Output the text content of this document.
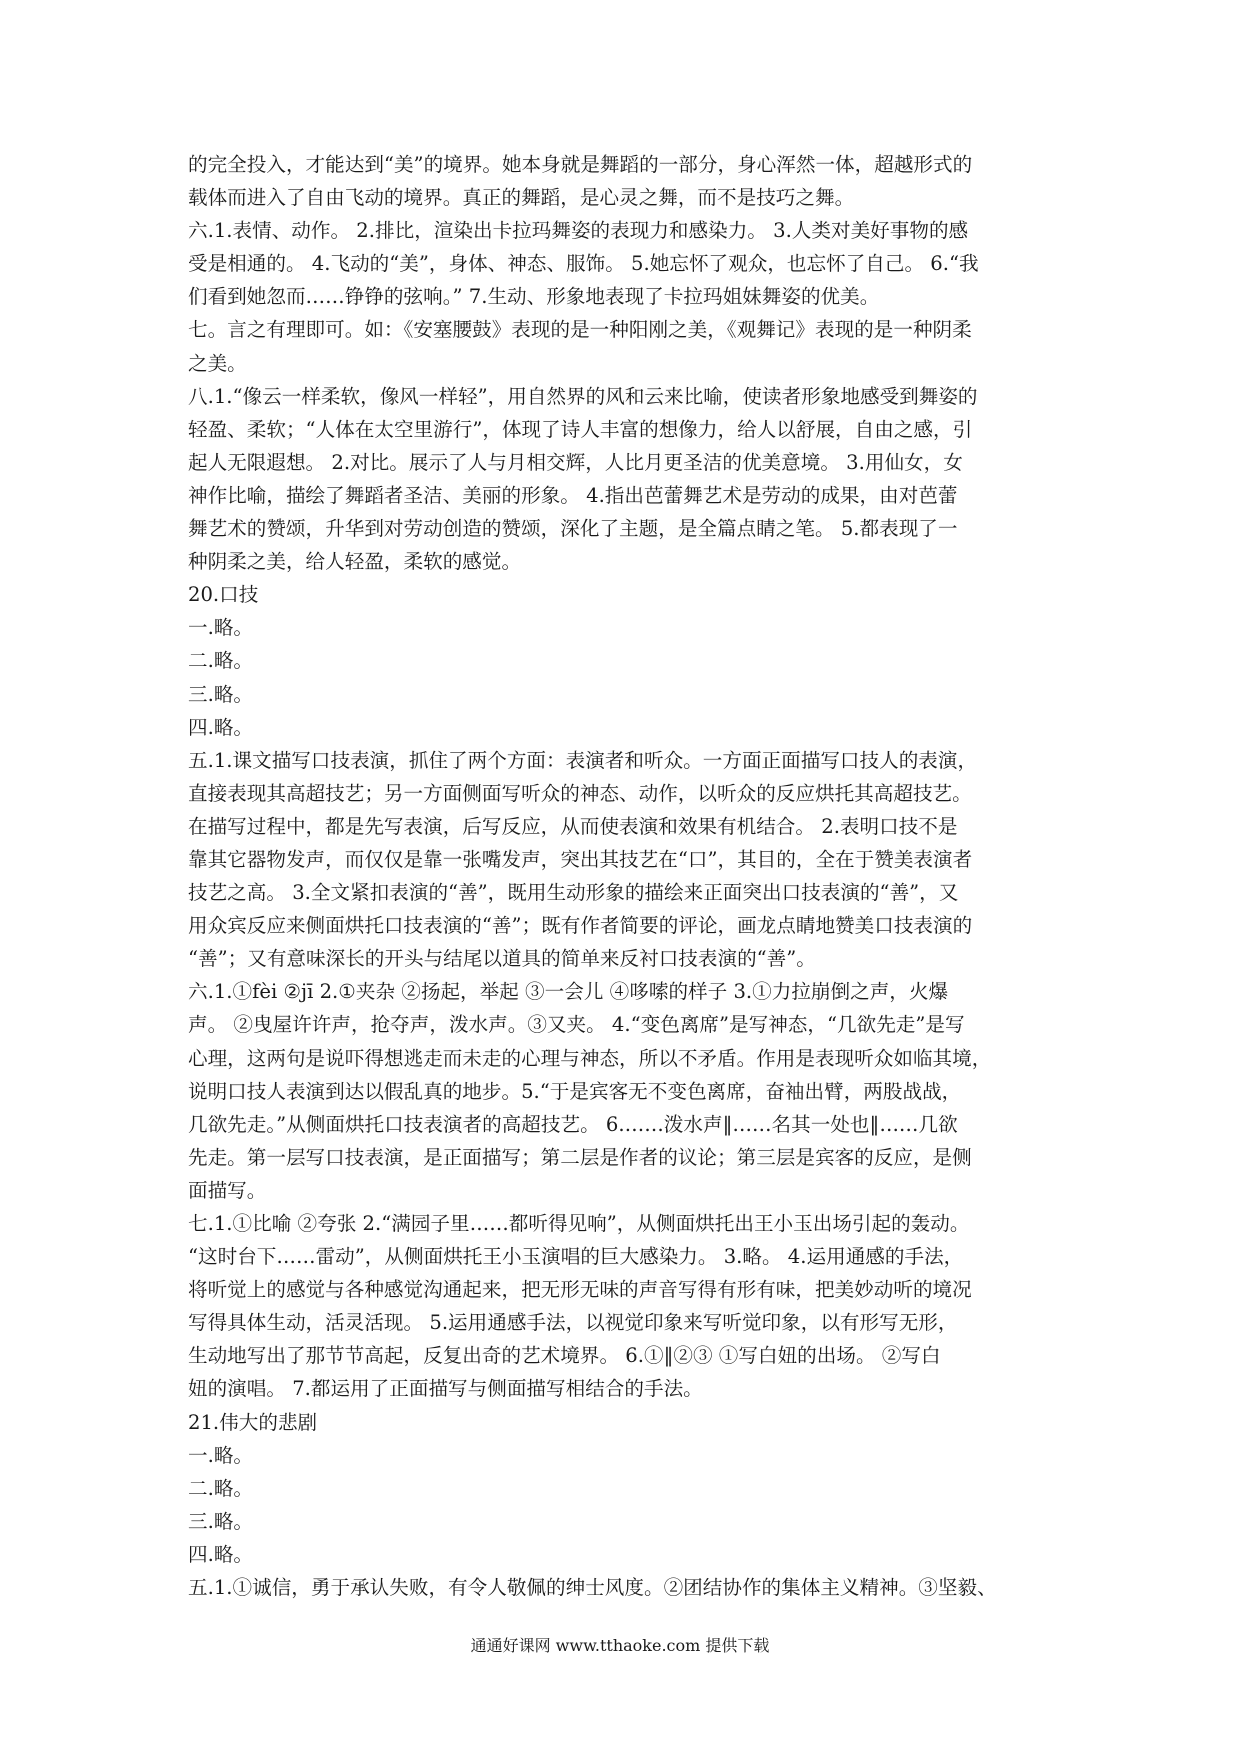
的完全投入，才能达到“美”的境界。她本身就是舞蹈的一部分，身心浑然一体，超越形式的
载体而进入了自由飞动的境界。真正的舞蹈，是心灵之舞，而不是技巧之舞。
六.1.表情、动作。 2.排比，渲染出卡拉玛舞姿的表现力和感染力。 3.人类对美好事物的感
受是相通的。 4.飞动的“美”，身体、神态、服饰。 5.她忘怀了观众，也忘怀了自己。 6.“我
们看到她忽而……铮铮的弦响。” 7.生动、形象地表现了卡拉玛姐妹舞姿的优美。
七。言之有理即可。如：《安塞腰鼓》表现的是一种阳刚之美，《观舞记》表现的是一种阴柔
之美。
八.1.“像云一样柔软，像风一样轻”，用自然界的风和云来比喻，使读者形象地感受到舞姿的
轻盈、柔软；“人体在太空里游行”，体现了诗人丰富的想像力，给人以舒展，自由之感，引
起人无限遐想。 2.对比。展示了人与月相交辉，人比月更圣洁的优美意境。 3.用仙女，女
神作比喻，描绘了舞蹈者圣洁、美丽的形象。 4.指出芭蕾舞艺术是劳动的成果，由对芭蕾
舞艺术的赞颂，升华到对劳动创造的赞颂，深化了主题，是全篇点睛之笔。 5.都表现了一
种阴柔之美，给人轻盈，柔软的感觉。
20.口技
一.略。
二.略。
三.略。
四.略。
五.1.课文描写口技表演，抓住了两个方面：表演者和听众。一方面正面描写口技人的表演，
直接表现其高超技艺；另一方面侧面写听众的神态、动作，以听众的反应烘托其高超技艺。
在描写过程中，都是先写表演，后写反应，从而使表演和效果有机结合。 2.表明口技不是
靠其它器物发声，而仅仅是靠一张嘴发声，突出其技艺在“口”，其目的，全在于赞美表演者
技艺之高。 3.全文紧扣表演的“善”，既用生动形象的描绘来正面突出口技表演的“善”，又
用众宾反应来侧面烘托口技表演的“善”；既有作者简要的评论，画龙点睛地赞美口技表演的
“善”；又有意味深长的开头与结尾以道具的简单来反衬口技表演的“善”。
六.1.①fèi ②jī 2.①夹杂 ②扬起，举起 ③一会儿 ④哆嗦的样子 3.①力拉崩倒之声，火爆
声。 ②曳屋许许声，抢夺声，泼水声。③又夹。 4.“变色离席”是写神态，“几欲先走”是写
心理，这两句是说吓得想逃走而未走的心理与神态，所以不矛盾。作用是表现听众如临其境，
说明口技人表演到达以假乱真的地步。5.“于是宾客无不变色离席，奋袖出臂，两股战战，
几欲先走。”从侧面烘托口技表演者的高超技艺。 6.……泼水声‖……名其一处也‖……几欲
先走。第一层写口技表演，是正面描写；第二层是作者的议论；第三层是宾客的反应，是侧
面描写。
七.1.①比喻 ②夸张 2.“满园子里……都听得见响”，从侧面烘托出王小玉出场引起的轰动。
“这时台下……雷动”，从侧面烘托王小玉演唱的巨大感染力。 3.略。 4.运用通感的手法，
将听觉上的感觉与各种感觉沟通起来，把无形无味的声音写得有形有味，把美妙动听的境况
写得具体生动，活灵活现。 5.运用通感手法，以视觉印象来写听觉印象，以有形写无形，
生动地写出了那节节高起，反复出奇的艺术境界。 6.①‖②③ ①写白妞的出场。 ②写白
妞的演唱。 7.都运用了正面描写与侧面描写相结合的手法。
21.伟大的悲剧
一.略。
二.略。
三.略。
四.略。
五.1.①诚信，勇于承认失败，有令人敬佩的绅士风度。②团结协作的集体主义精神。③坚毅、
通通好课网 www.tthaoke.com 提供下载
